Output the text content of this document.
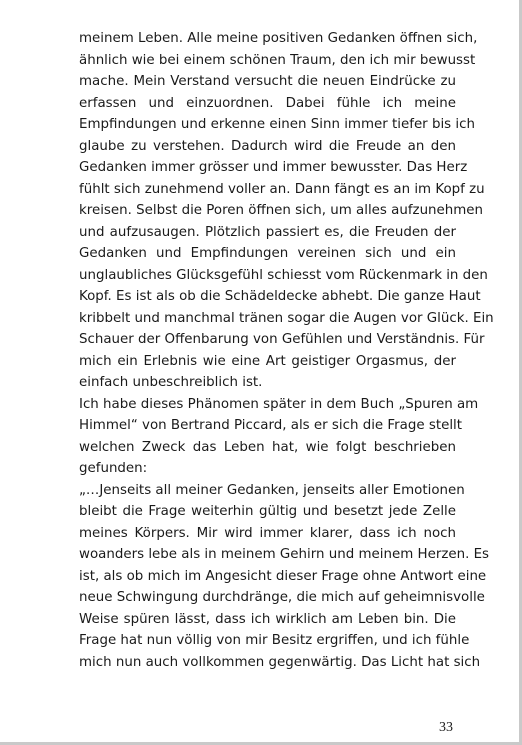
meinem Leben. Alle meine positiven Gedanken öffnen sich,
ähnlich wie bei einem schönen Traum, den ich mir bewusst
mache. Mein Verstand versucht die neuen Eindrücke zu
erfassen und einzuordnen. Dabei fühle ich meine
Empfindungen und erkenne einen Sinn immer tiefer bis ich
glaube zu verstehen. Dadurch wird die Freude an den
Gedanken immer grösser und immer bewusster. Das Herz
fühlt sich zunehmend voller an. Dann fängt es an im Kopf zu
kreisen. Selbst die Poren öffnen sich, um alles aufzunehmen
und aufzusaugen. Plötzlich passiert es, die Freuden der
Gedanken und Empfindungen vereinen sich und ein
unglaubliches Glücksgefühl schiesst vom Rückenmark in den
Kopf. Es ist als ob die Schädeldecke abhebt. Die ganze Haut
kribbelt und manchmal tränen sogar die Augen vor Glück. Ein
Schauer der Offenbarung von Gefühlen und Verständnis. Für
mich ein Erlebnis wie eine Art geistiger Orgasmus, der
einfach unbeschreiblich ist.
Ich habe dieses Phänomen später in dem Buch „Spuren am
Himmel“ von Bertrand Piccard, als er sich die Frage stellt
welchen Zweck das Leben hat, wie folgt beschrieben
gefunden:
„…Jenseits all meiner Gedanken, jenseits aller Emotionen
bleibt die Frage weiterhin gültig und besetzt jede Zelle
meines Körpers. Mir wird immer klarer, dass ich noch
woanders lebe als in meinem Gehirn und meinem Herzen. Es
ist, als ob mich im Angesicht dieser Frage ohne Antwort eine
neue Schwingung durchdränge, die mich auf geheimnisvolle
Weise spüren lässt, dass ich wirklich am Leben bin. Die
Frage hat nun völlig von mir Besitz ergriffen, und ich fühle
mich nun auch vollkommen gegenwärtig. Das Licht hat sich
33
